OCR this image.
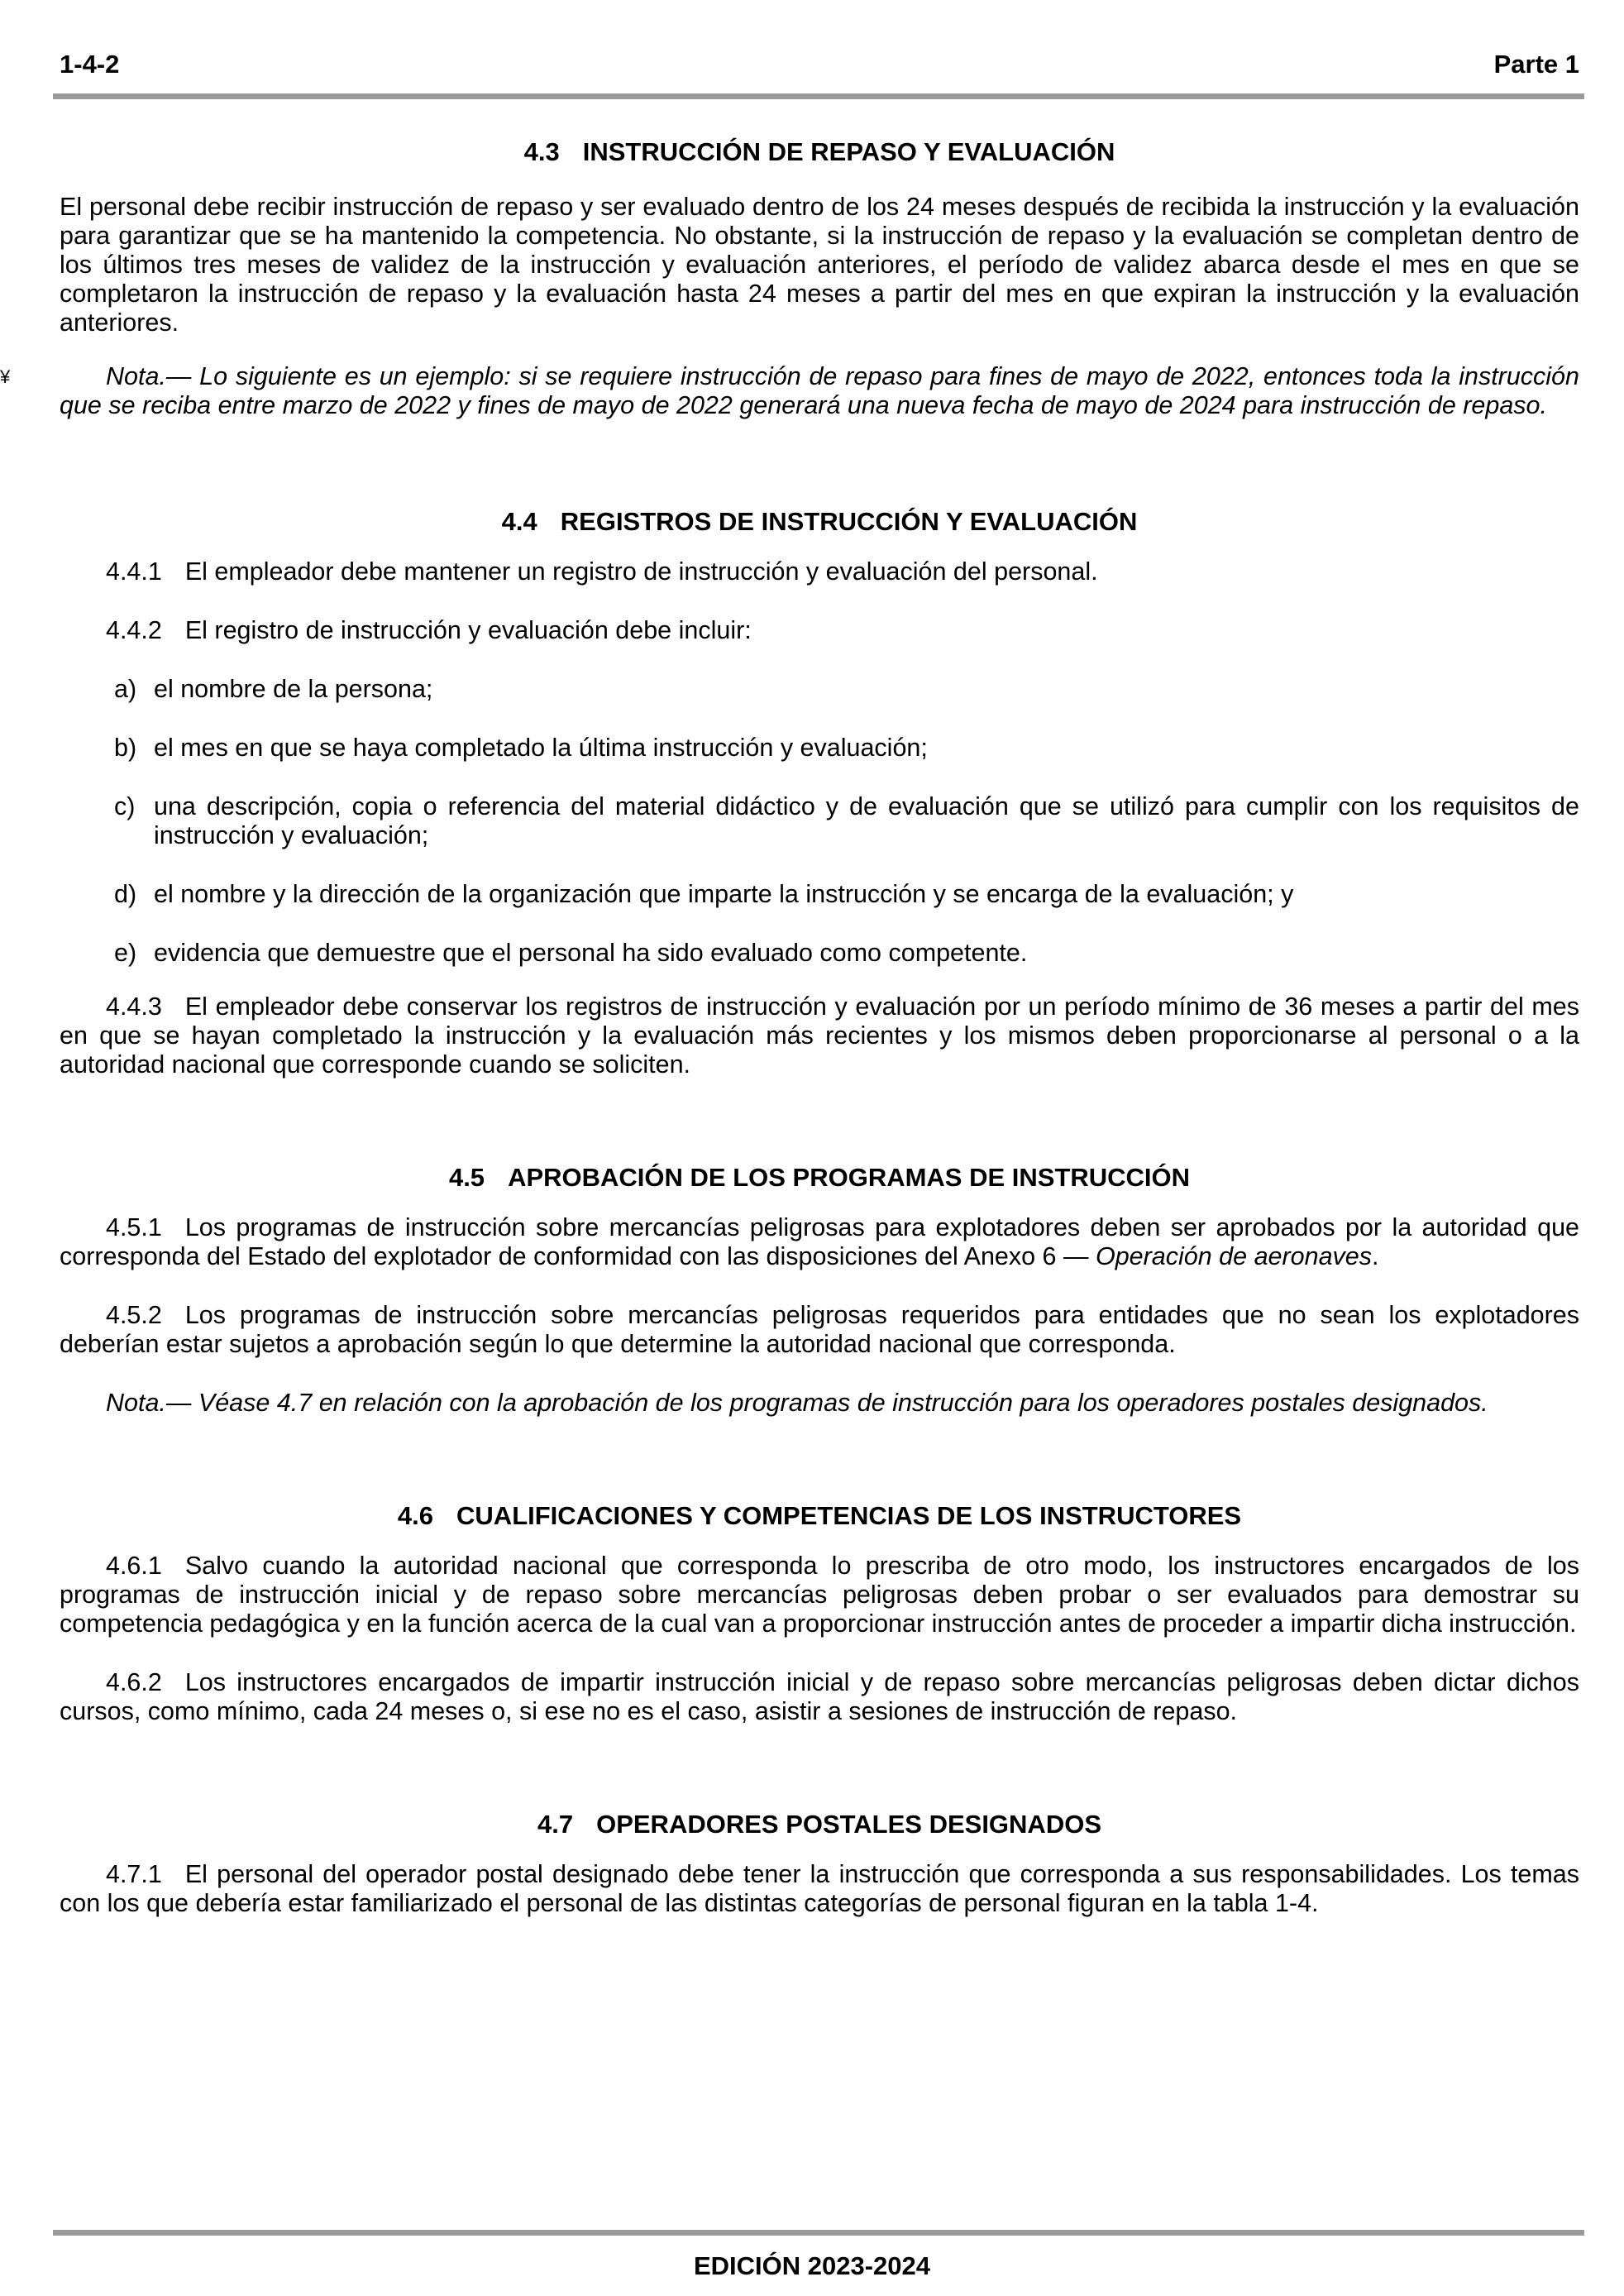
1-4-2	Parte 1
¥
4.3 INSTRUCCIÓN DE REPASO Y EVALUACIÓN

El personal debe recibir instrucción de repaso y ser evaluado dentro de los 24 meses después de recibida la instrucción y la evaluación para garantizar que se ha mantenido la competencia. No obstante, si la instrucción de repaso y la evaluación se completan dentro de los últimos tres meses de validez de la instrucción y evaluación anteriores, el período de validez abarca desde el mes en que se completaron la instrucción de repaso y la evaluación hasta 24 meses a partir del mes en que expiran la instrucción y la evaluación anteriores.

Nota.— Lo siguiente es un ejemplo: si se requiere instrucción de repaso para fines de mayo de 2022, entonces toda la instrucción que se reciba entre marzo de 2022 y fines de mayo de 2022 generará una nueva fecha de mayo de 2024 para instrucción de repaso.

4.4 REGISTROS DE INSTRUCCIÓN Y EVALUACIÓN

4.4.1 El empleador debe mantener un registro de instrucción y evaluación del personal.

4.4.2 El registro de instrucción y evaluación debe incluir:

a) el nombre de la persona;

b) el mes en que se haya completado la última instrucción y evaluación;

c) una descripción, copia o referencia del material didáctico y de evaluación que se utilizó para cumplir con los requisitos de instrucción y evaluación;

d) el nombre y la dirección de la organización que imparte la instrucción y se encarga de la evaluación; y

e) evidencia que demuestre que el personal ha sido evaluado como competente.

4.4.3 El empleador debe conservar los registros de instrucción y evaluación por un período mínimo de 36 meses a partir del mes en que se hayan completado la instrucción y la evaluación más recientes y los mismos deben proporcionarse al personal o a la autoridad nacional que corresponde cuando se soliciten.

4.5 APROBACIÓN DE LOS PROGRAMAS DE INSTRUCCIÓN

4.5.1 Los programas de instrucción sobre mercancías peligrosas para explotadores deben ser aprobados por la autoridad que corresponda del Estado del explotador de conformidad con las disposiciones del Anexo 6 — Operación de aeronaves.

4.5.2 Los programas de instrucción sobre mercancías peligrosas requeridos para entidades que no sean los explotadores deberían estar sujetos a aprobación según lo que determine la autoridad nacional que corresponda.

Nota.— Véase 4.7 en relación con la aprobación de los programas de instrucción para los operadores postales designados.

4.6 CUALIFICACIONES Y COMPETENCIAS DE LOS INSTRUCTORES

4.6.1 Salvo cuando la autoridad nacional que corresponda lo prescriba de otro modo, los instructores encargados de los programas de instrucción inicial y de repaso sobre mercancías peligrosas deben probar o ser evaluados para demostrar su competencia pedagógica y en la función acerca de la cual van a proporcionar instrucción antes de proceder a impartir dicha instrucción.

4.6.2 Los instructores encargados de impartir instrucción inicial y de repaso sobre mercancías peligrosas deben dictar dichos cursos, como mínimo, cada 24 meses o, si ese no es el caso, asistir a sesiones de instrucción de repaso.

4.7 OPERADORES POSTALES DESIGNADOS

4.7.1 El personal del operador postal designado debe tener la instrucción que corresponda a sus responsabilidades. Los temas con los que debería estar familiarizado el personal de las distintas categorías de personal figuran en la tabla 1-4.

EDICIÓN 2023-2024
